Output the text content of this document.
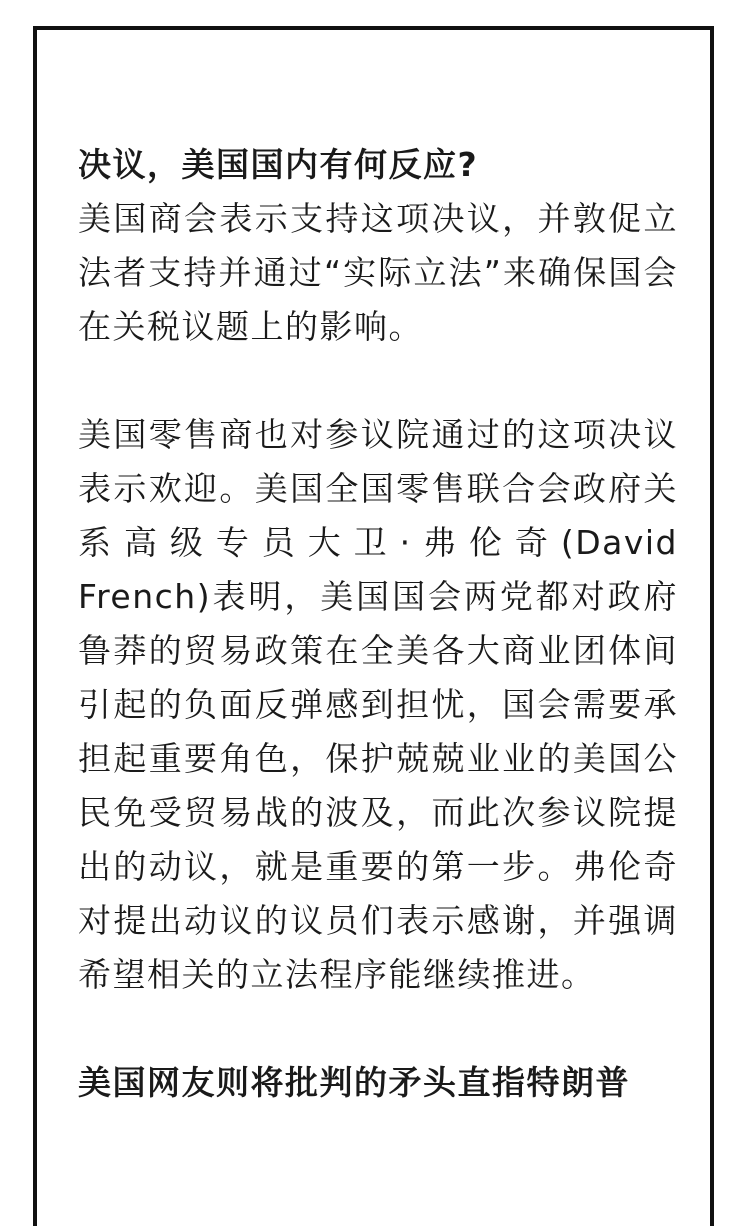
决议，美国国内有何反应?

美国商会表示支持这项决议，并敦促立法者支持并通过“实际立法”来确保国会在关税议题上的影响。

美国零售商也对参议院通过的这项决议表示欢迎。美国全国零售联合会政府关系高级专员大卫·弗伦奇(David French)表明，美国国会两党都对政府鲁莽的贸易政策在全美各大商业团体间引起的负面反弹感到担忧，国会需要承担起重要角色，保护兢兢业业的美国公民免受贸易战的波及，而此次参议院提出的动议，就是重要的第一步。弗伦奇对提出动议的议员们表示感谢，并强调希望相关的立法程序能继续推进。

美国网友则将批判的矛头直指特朗普
